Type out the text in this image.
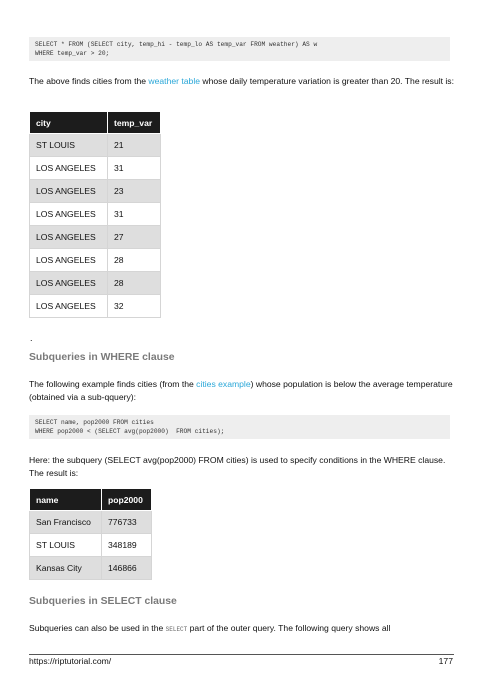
SELECT * FROM (SELECT city, temp_hi - temp_lo AS temp_var FROM weather) AS w
WHERE temp_var > 20;
The above finds cities from the weather table whose daily temperature variation is greater than 20. The result is:
city	temp_var
ST LOUIS	21
LOS ANGELES	31
LOS ANGELES	23
LOS ANGELES	31
LOS ANGELES	27
LOS ANGELES	28
LOS ANGELES	28
LOS ANGELES	32
.
Subqueries in WHERE clause
The following example finds cities (from the cities example) whose population is below the average temperature (obtained via a sub-qquery):
SELECT name, pop2000 FROM cities
WHERE pop2000 < (SELECT avg(pop2000)  FROM cities);
Here: the subquery (SELECT avg(pop2000) FROM cities) is used to specify conditions in the WHERE clause. The result is:
name	pop2000
San Francisco	776733
ST LOUIS	348189
Kansas City	146866
Subqueries in SELECT clause
Subqueries can also be used in the SELECT part of the outer query. The following query shows all
https://riptutorial.com/	177
